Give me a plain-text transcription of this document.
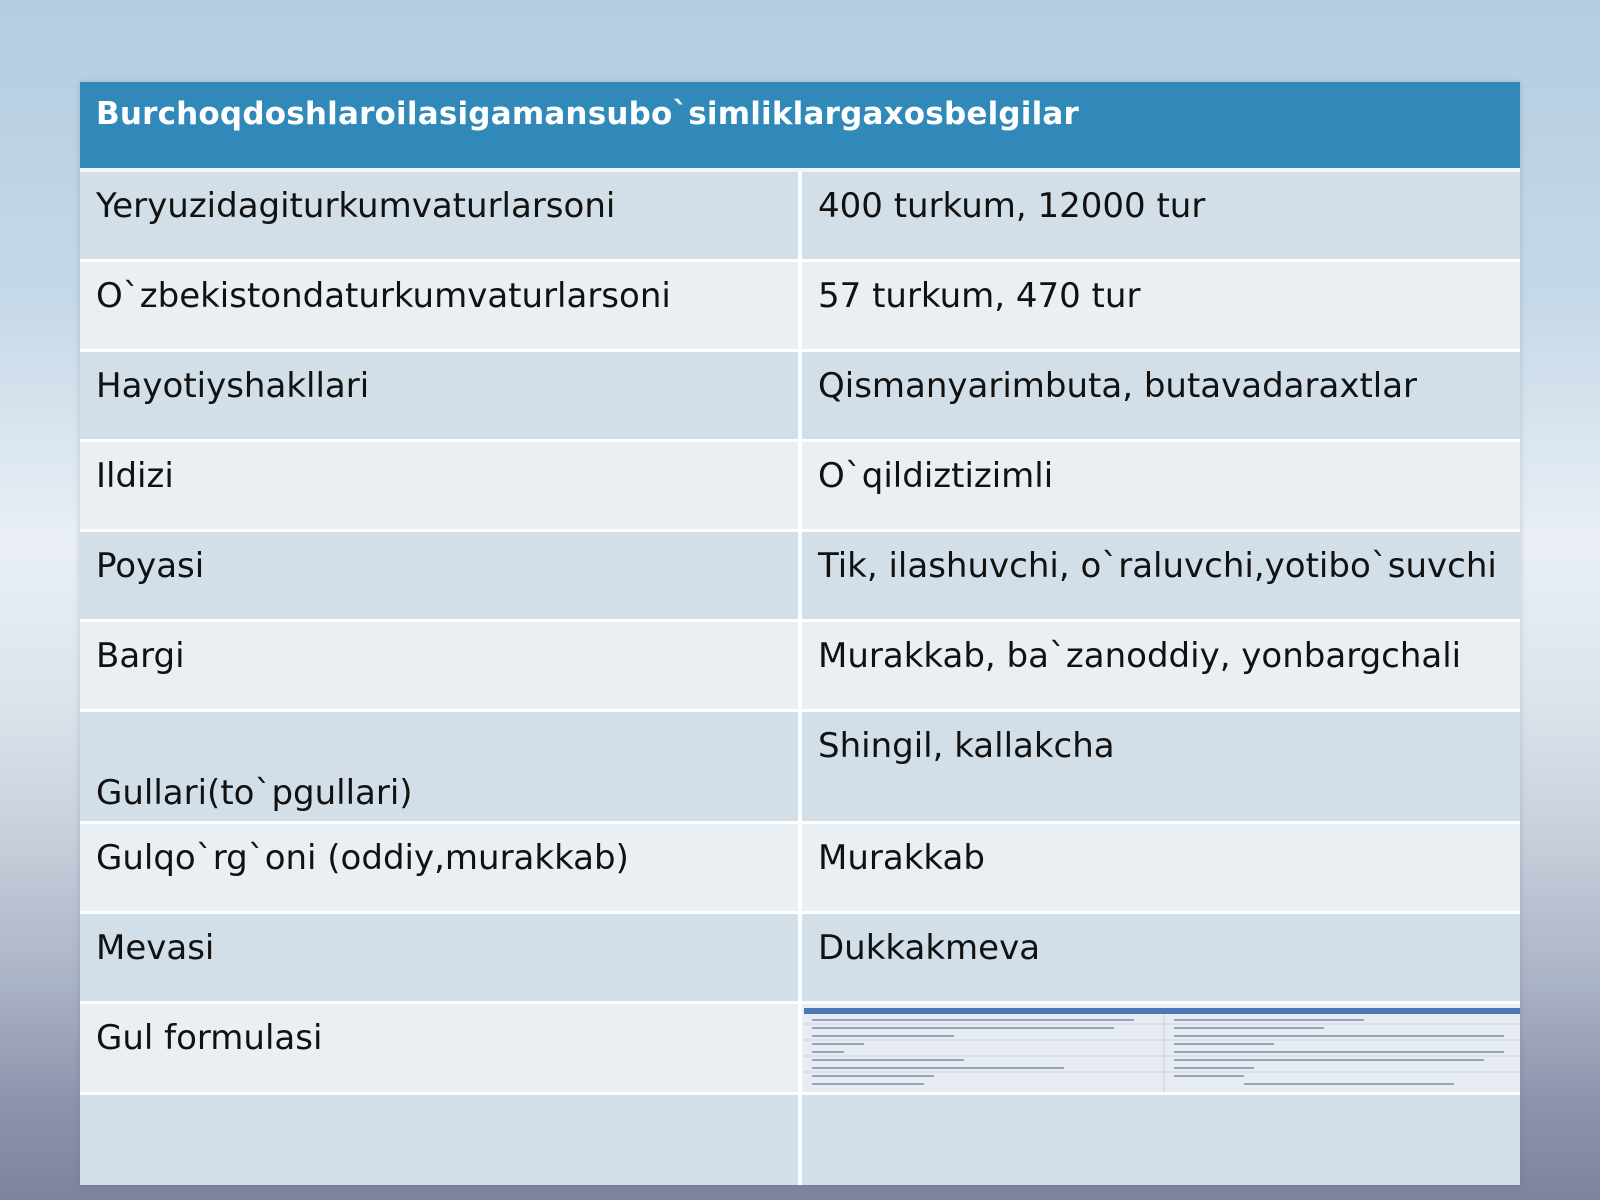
Burchoqdoshlaroilasigamansubo`simliklargaxosbelgilar	
Yeryuzidagiturkumvaturlarsoni	400 turkum, 12000 tur
O`zbekistondaturkumvaturlarsoni	57 turkum, 470 tur
Hayotiyshakllari	Qismanyarimbuta, butavadaraxtlar
Ildizi	O`qildiztizimli
Poyasi	Tik, ilashuvchi, o`raluvchi,yotibo`suvchi
Bargi	Murakkab, ba`zanoddiy, yonbargchali
Gullari(to`pgullari)	Shingil, kallakcha
Gulqo`rg`oni (oddiy,murakkab)	Murakkab
Mevasi	Dukkakmeva
Gul formulasi	
